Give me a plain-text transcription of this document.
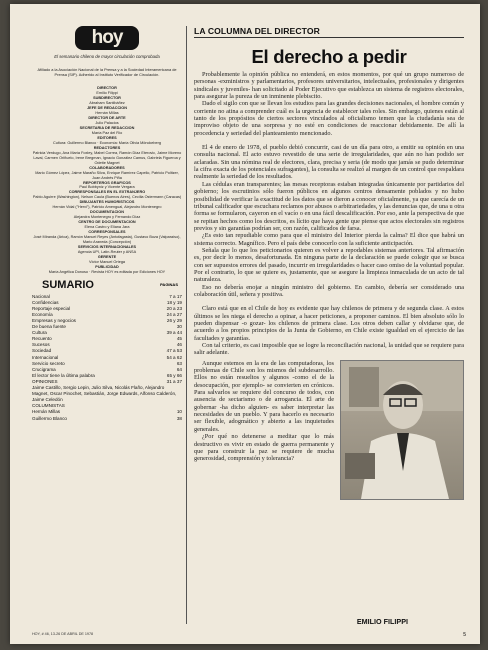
hoy
El semanario chileno de mayor circulación comprobada
Afiliado a la Asociación Nacional de la Prensa y a la Sociedad Interamericana de Prensa (SIP). Adherido al Instituto Verificador de Circulación.
DIRECTOR
Emilio Filippi
SUBDIRECTOR
Abraham Santibáñez
JEFE DE REDACCION
Hernán Millas
DIRECTOR DE ARTE
Julio Palacios
SECRETARIA DE REDACCION
María Paz del Río
EDITORES
Cultura: Guillermo Blanco · Economía: María Olivia Mönckeberg
REDACTORES
Patricia Verdugo, Ana María Foxley, Mabel Correa, Ramón Díaz Eterovic, Jaime Moreno Laval, Carmen Oriñuelo, Irene Bregman, Ignacio González Camus, Gabriela Figueroa y Odette Magnet
COLABORADORES
Mario Gómez López, Jaime Maraño Silva, Enrique Ramírez Capello, Patricio Politzer, Juan Andrés Piña
REPORTEROS GRAFICOS
Paul Bobbyniz y Vicente Vergara
CORRESPONSALES EN EL EXTRANJERO
Pablo Aguirre (Washington), Nelson Caula (Buenos Aires), Cecilia Ostermann (Caracas)
DIBUJANTES HUMORISTICOS
Hernán Vidal ("Hervi"), Patricio Amengual, Alejandro Montenegro
DOCUMENTACION
Alejandra Montenegro y Fernando Díaz
CENTRO DE DOCUMENTACION
Elena Castro y Eliana Jara
CORRESPONSALES
José Miranda (Arica), Ramón Manuel Reyes (Antofagasta), Gustavo Boza (Valparaíso), Mario Araneda (Concepción)
SERVICIOS INTERNACIONALES
Agencia UPI, Latin-Reuter y ANSA
GERENTE
Víctor Manuel Ortega
PUBLICIDAD
María Angélica Donoso · Revista HOY es editada por Ediciones HOY
SUMARIO	PAGINAS
Nacional	7 a 17
Confidencias	18 y 19
Reportaje especial	20 a 23
Economía	24 a 27
Empresas y negocios	26 y 29
De buena fuente	30
Cultura	39 a 44
Recuento	45
Sucesos	46
Sociedad	47 a 53
Internacional	54 a 62
Servicio secreto	63
Crucigrama	64
El lector tiene la última palabra	65 y 66
OPINIONES	31 a 37
Jaime Castillo, Sergio Lepin, Julio Silva, Nicolás Flaño, Alejandro Magnet, Oscar Pinochet, Sebastián, Jorge Edwards, Alfonso Calderón, Jaime Celedón
COLUMNISTAS
Hernán Millas	10
Guillermo Blanco	38
LA COLUMNA DEL DIRECTOR
El derecho a pedir

Probablemente la opinión pública no entenderá, en estos momentos, por qué un grupo numeroso de personas -exministros y parlamentarios, profesores universitarios, intelectuales, profesionales y dirigentes sindicales y juveniles- han solicitado al Poder Ejecutivo que establezca un sistema de registros electorales, para asegurar la pureza de un inminente plebiscito.

Dado el sigilo con que se llevan los estudios para las grandes decisiones nacionales, el hombre común y corriente no atina a comprender cuál es la urgencia de establecer tales roles. Sin embargo, quienes están al tanto de los propósitos de ciertos sectores vinculados al oficialismo temen que la ciudadanía sea de improviso objeto de una sorpresa y no esté en condiciones de reaccionar debidamente. De allí la procedencia y seriedad del planteamiento mencionado.

El 4 de enero de 1978, el pueblo debió concurrir, casi de un día para otro, a emitir su opinión en una consulta nacional. El acto estuvo revestido de una serie de irregularidades, que aún no han podido ser aclaradas. Sin una nómina real de electores, clara, precisa y seria (de modo que jamás se pudo determinar la cifra exacta de los potenciales sufragantes), la consulta se realizó al margen de un control que respaldara realmente la seriedad de los resultados.

Las cédulas eran transparentes; las mesas receptoras estaban integradas únicamente por partidarios del gobierno; los escrutinios sólo fueron públicos en algunos centros densamente poblados y no hubo posibilidad de verificar la exactitud de los datos que se dieron a conocer oficialmente, ya que carecía de un tribunal calificador que escuchara reclamos por abusos o arbitrariedades, y las denuncias que, de una u otra forma se formularon, cayeron en el vacío o en una fácil descalificación. Por eso, ante la perspectiva de que se repitan hechos como los descritos, es lícito que haya gente que piense que actos electorales sin registros previos y sin garantías podrían ser, con razón, calificados de farsa.

¿Es esto tan repudiable como para que el ministro del Interior pierda la calma? El dice que habrá un sistema correcto. Magnífico. Pero el país debe conocerlo con la suficiente anticipación.

Señala que lo que los peticionarios quieren es volver a repodables sistemas anteriores. Tal afirmación es, por decir lo menos, desafortunada. En ninguna parte de la declaración se puede colegir que se busca con ser supuestos errores del pasado, incurrir en irregularidades o hacer caso omiso de la voluntad popular. Por el contrario, lo que se quiere es, justamente, que se asegure la limpieza inmaculada de un acto de tal naturaleza.

Eso no debería enojar a ningún ministro del gobierno. En cambio, debería ser considerado una colaboración útil, señera y positiva.

Claro está que en el Chile de hoy es evidente que hay chilenos de primera y de segunda clase. A estos últimos se les niega el derecho a opinar, a hacer peticiones, a proponer caminos. El bien absoluto sólo lo pueden dispensar -o gozar- los chilenos de primera clase. Los otros deben callar y olvidarse que, de acuerdo a los propios principios de la Junta de Gobierno, en Chile existe igualdad en el ejercicio de las facultades y garantías.

Con tal criterio, es casi imposible que se logre la reconciliación nacional, la unidad que se requiere para salir adelante.

Aunque estemos en la era de las computadoras, los problemas de Chile son los mismos del subdesarrollo. Ellos no están resueltos y algunos -como el de la desocupación, por ejemplo- se convierten en crónicos. Para salvarlos se requiere del concurso de todos, con ausencia de sectarismo o de arrogancia. El arte de gobernar -ha dicho alguien- es saber interpretar las necesidades de un pueblo. Y para hacerlo es necesario ser flexible, adogmático y abierto a las inquietudes generales.

¿Por qué no detenerse a meditar que lo más destructivo es vivir en estado de guerra permanente y que para construir la paz se requiere de mucha generosidad, comprensión y tolerancia?

EMILIO FILIPPI
HOY, # 46, 13-26 DE ABRIL DE 1978	5
